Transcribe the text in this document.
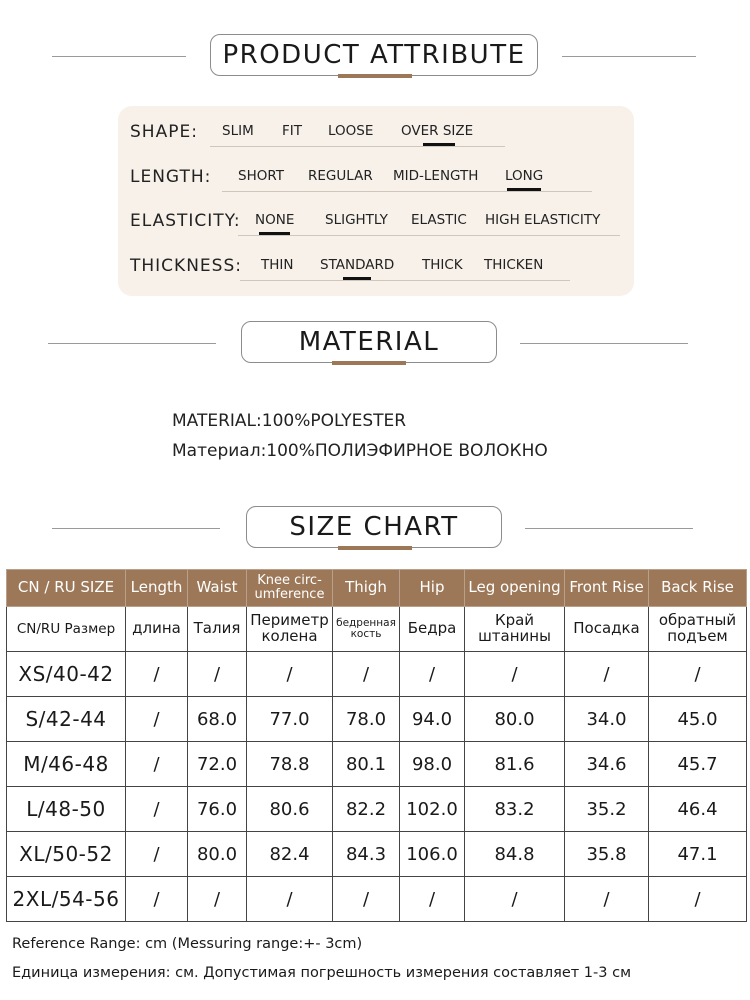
PRODUCT ATTRIBUTE
SHAPE: SLIM FIT LOOSE OVER SIZE
LENGTH: SHORT REGULAR MID-LENGTH LONG
ELASTICITY: NONE SLIGHTLY ELASTIC HIGH ELASTICITY
THICKNESS: THIN STANDARD THICK THICKEN
MATERIAL
MATERIAL:100%POLYESTER
Материал:100%ПОЛИЭФИРНОЕ ВОЛОКНО
SIZE CHART
CN / RU SIZE	Length	Waist	Knee circ-umference	Thigh	Hip	Leg opening	Front Rise	Back Rise
CN/RU Размер	длина	Талия	Периметр колена	бедренная кость	Бедра	Край штанины	Посадка	обратный подъем
XS/40-42	/	/	/	/	/	/	/	/
S/42-44	/	68.0	77.0	78.0	94.0	80.0	34.0	45.0
M/46-48	/	72.0	78.8	80.1	98.0	81.6	34.6	45.7
L/48-50	/	76.0	80.6	82.2	102.0	83.2	35.2	46.4
XL/50-52	/	80.0	82.4	84.3	106.0	84.8	35.8	47.1
2XL/54-56	/	/	/	/	/	/	/	/
Reference Range: cm (Messuring range:+- 3cm)
Единица измерения: см. Допустимая погрешность измерения составляет 1-3 см
